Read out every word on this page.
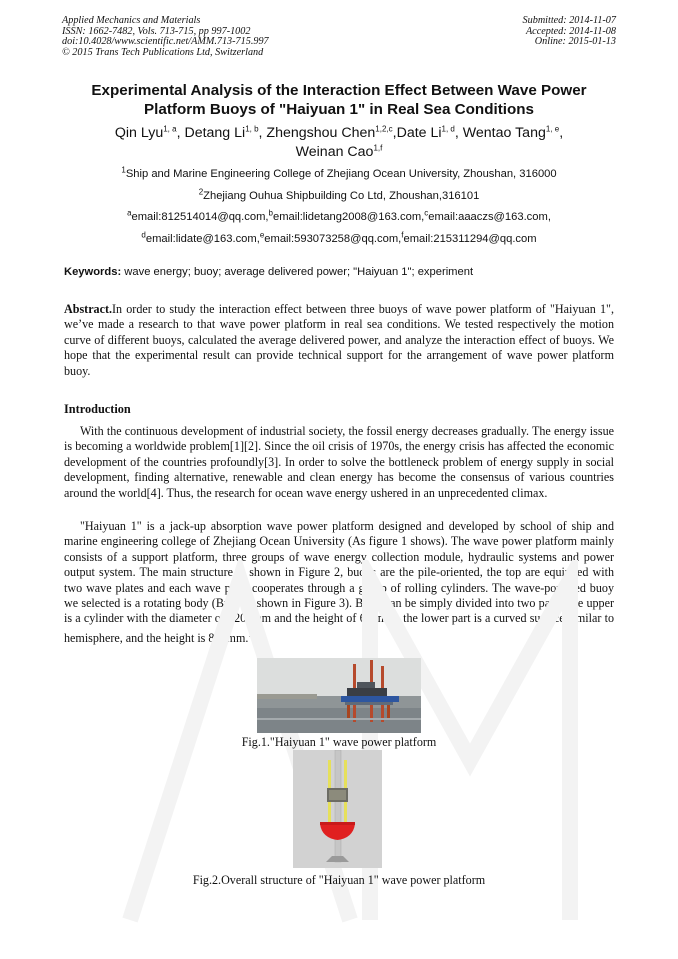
Applied Mechanics and Materials
ISSN: 1662-7482, Vols. 713-715, pp 997-1002
doi:10.4028/www.scientific.net/AMM.713-715.997
© 2015 Trans Tech Publications Ltd, Switzerland
Submitted: 2014-11-07
Accepted: 2014-11-08
Online: 2015-01-13
Experimental Analysis of the Interaction Effect Between Wave Power
Platform Buoys of "Haiyuan 1" in Real Sea Conditions
Qin Lyu$^{1, a}$, Detang Li$^{1, b}$, Zhengshou Chen$^{1,2,c}$,Date Li$^{1, d}$, Wentao Tang$^{1, e}$,
Weinan Cao$^{1,f}$
$^1$Ship and Marine Engineering College of Zhejiang Ocean University, Zhoushan, 316000
$^2$Zhejiang Ouhua Shipbuilding Co Ltd, Zhoushan,316101
$^a$email:812514014@qq.com,$^b$email:lidetang2008@163.com,$^c$email:aaaczs@163.com,
$^d$email:lidate@163.com,$^e$email:593073258@qq.com,$^f$email:215311294@qq.com
Keywords: wave energy; buoy; average delivered power; "Haiyuan 1"; experiment
Abstract.In order to study the interaction effect between three buoys of wave power platform of "Haiyuan 1", we’ve made a research to that wave power platform in real sea conditions. We tested respectively the motion curve of different buoys, calculated the average delivered power, and analyze the interaction effect of buoys. We hope that the experimental result can provide technical support for the arrangement of wave power platform buoy.
Introduction
With the continuous development of industrial society, the fossil energy decreases gradually. The energy issue is becoming a worldwide problem[1][2]. Since the oil crisis of 1970s, the energy crisis has affected the economic development of the countries profoundly[3]. In order to solve the bottleneck problem of energy supply in social development, finding alternative, renewable and clean energy has become the consensus of various countries around the world[4]. Thus, the research for ocean wave energy ushered in an unprecedented climax.
"Haiyuan 1" is a jack-up absorption wave power platform designed and developed by school of ship and marine engineering college of Zhejiang Ocean University (As figure 1 shows). The wave power platform mainly consists of a support platform, three groups of wave energy collection module, hydraulic systems and power output system. The main structure is shown in Figure 2, buoys are the pile-oriented, the top are equipped with two wave plates and each wave plate cooperates through a group of rolling cylinders. The wave-powered buoy we selected is a rotating body (Buoy is shown in Figure 3). Buoy can be simply divided into two parts, the upper is a cylinder with the diameter of 3200mm and the height of 625mm; the lower part is a curved surface similar to hemisphere, and the height is 835mm.$^1$
Fig.1."Haiyuan 1" wave power platform
Fig.2.Overall structure of "Haiyuan 1" wave power platform
